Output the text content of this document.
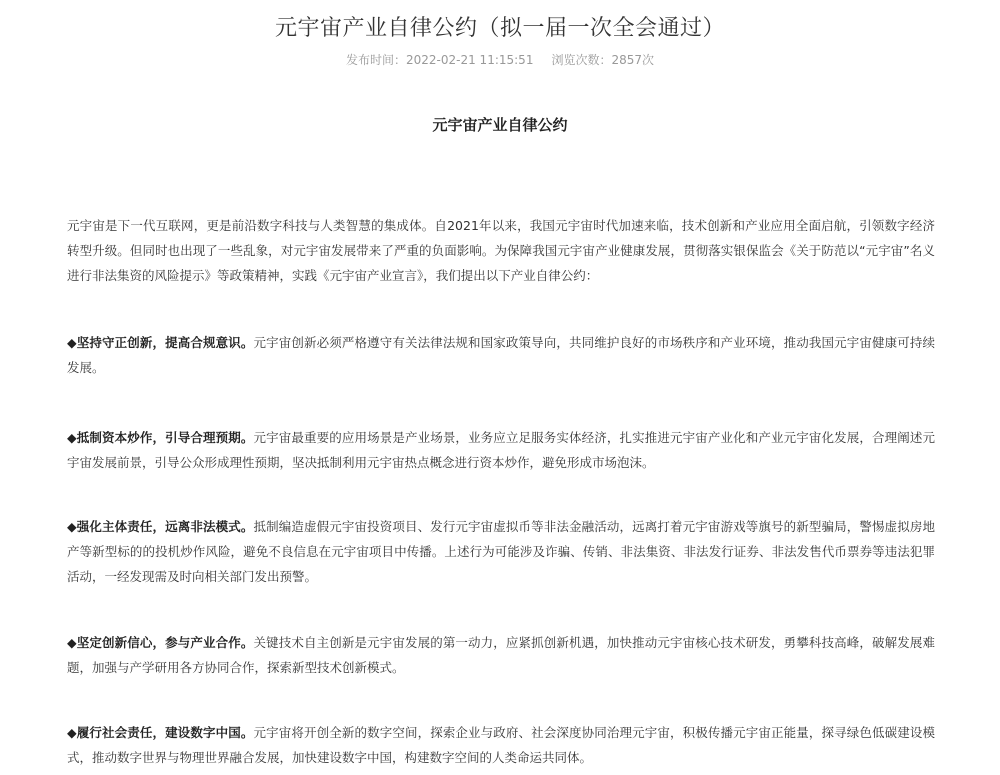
元宇宙产业自律公约（拟一届一次全会通过）
发布时间：2022-02-21 11:15:51 浏览次数：2857次
元宇宙产业自律公约

元宇宙是下一代互联网，更是前沿数字科技与人类智慧的集成体。自2021年以来，我国元宇宙时代加速来临，技术创新和产业应用全面启航，引领数字经济转型升级。但同时也出现了一些乱象，对元宇宙发展带来了严重的负面影响。为保障我国元宇宙产业健康发展，贯彻落实银保监会《关于防范以“元宇宙”名义进行非法集资的风险提示》等政策精神，实践《元宇宙产业宣言》，我们提出以下产业自律公约：

◆坚持守正创新，提高合规意识。元宇宙创新必须严格遵守有关法律法规和国家政策导向，共同维护良好的市场秩序和产业环境，推动我国元宇宙健康可持续发展。

◆抵制资本炒作，引导合理预期。元宇宙最重要的应用场景是产业场景，业务应立足服务实体经济，扎实推进元宇宙产业化和产业元宇宙化发展，合理阐述元宇宙发展前景，引导公众形成理性预期，坚决抵制利用元宇宙热点概念进行资本炒作，避免形成市场泡沫。

◆强化主体责任，远离非法模式。抵制编造虚假元宇宙投资项目、发行元宇宙虚拟币等非法金融活动，远离打着元宇宙游戏等旗号的新型骗局，警惕虚拟房地产等新型标的的投机炒作风险，避免不良信息在元宇宙项目中传播。上述行为可能涉及诈骗、传销、非法集资、非法发行证券、非法发售代币票券等违法犯罪活动，一经发现需及时向相关部门发出预警。

◆坚定创新信心，参与产业合作。关键技术自主创新是元宇宙发展的第一动力，应紧抓创新机遇，加快推动元宇宙核心技术研发，勇攀科技高峰，破解发展难题，加强与产学研用各方协同合作，探索新型技术创新模式。

◆履行社会责任，建设数字中国。元宇宙将开创全新的数字空间，探索企业与政府、社会深度协同治理元宇宙，积极传播元宇宙正能量，探寻绿色低碳建设模式，推动数字世界与物理世界融合发展，加快建设数字中国，构建数字空间的人类命运共同体。
